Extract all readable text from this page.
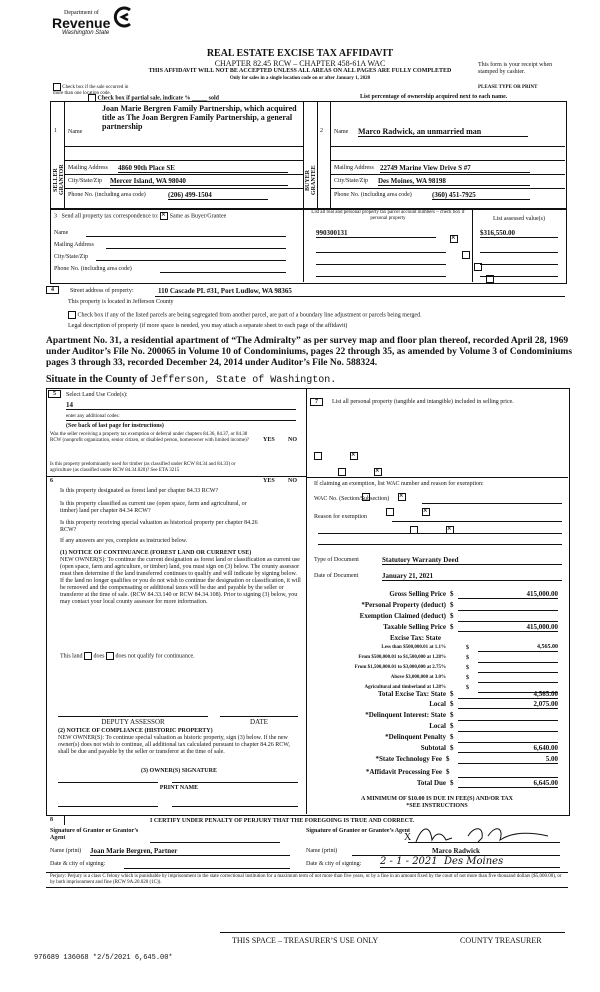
Department of
Revenue
Washington State
REAL ESTATE EXCISE TAX AFFIDAVIT
CHAPTER 82.45 RCW – CHAPTER 458-61A WAC
THIS AFFIDAVIT WILL NOT BE ACCEPTED UNLESS ALL AREAS ON ALL PAGES ARE FULLY COMPLETED
Only for sales in a single location code on or after January 1, 2020
This form is your receipt when stamped by cashier.
PLEASE TYPE OR PRINT
Check box if the sale occurred in more than one location code.
Check box if partial sale, indicate % _____ sold	List percentage of ownership acquired next to each name.
1
SELLER GRANTOR
Name
Joan Marie Bergren Family Partnership, which acquired title as The Joan Bergren Family Partnership, a general partnership
Mailing Address 4860 90th Place SE
City/State/Zip Mercer Island, WA 98040
Phone No. (including area code)	(206) 499-1504
2
BUYER GRANTEE
Name Marco Radwick, an unmarried man
Mailing Address 22749 Marine View Drive S #7
City/State/Zip Des Moines, WA 98198
Phone No. (including area code)	(360) 451-7925
3 Send all property tax correspondence to: × Same as Buyer/Grantee
Name
Mailing Address
City/State/Zip
Phone No. (including area code)
List all real and personal property tax parcel account numbers – check box if personal property	List assessed value(s)
990300131
×	$316,550.00

4	Street address of property:	110 Cascade PL #31, Port Ludlow, WA 98365
This property is located in Jefferson County
Check box if any of the listed parcels are being segregated from another parcel, are part of a boundary line adjustment or parcels being merged.
Legal description of property (if more space is needed, you may attach a separate sheet to each page of the affidavit)
Apartment No. 31, a residential apartment of “The Admiralty” as per survey map and floor plan thereof, recorded April 28, 1969 under Auditor’s File No. 200065 in Volume 10 of Condominiums, pages 22 through 35, as amended by Volume 3 of Condominiums pages 3 through 33, recorded December 24, 2014 under Auditor’s File No. 588324.
Situate in the County of Jefferson, State of Washington.
5	Select Land Use Code(s):
14
enter any additional codes:
(See back of last page for instructions)
YES NO
Was the seller receiving a property tax exemption or deferral under chapters 84.36, 84.37, or 84.38 RCW (nonprofit organization, senior citizen, or disabled person, homeowner with limited income)?
×
Is this property predominantly used for timber (as classified under RCW 84.34 and 84.33) or agriculture (as classified under RCW 84.34.020)? See ETA 3215
×
6	YES NO
Is this property designated as forest land per chapter 84.33 RCW?
×
Is this property classified as current use (open space, farm and agricultural, or timber) land per chapter 84.34 RCW?
×
Is this property receiving special valuation as historical property per chapter 84.26 RCW?
×
If any answers are yes, complete as instructed below.
(1) NOTICE OF CONTINUANCE (FOREST LAND OR CURRENT USE)
NEW OWNER(S): To continue the current designation as forest land or classification as current use (open space, farm and agriculture, or timber) land, you must sign on (3) below. The county assessor must then determine if the land transferred continues to qualify and will indicate by signing below. If the land no longer qualifies or you do not wish to continue the designation or classification, it will be removed and the compensating or additional taxes will be due and payable by the seller or transferor at the time of sale. (RCW 84.33.140 or RCW 84.34.108). Prior to signing (3) below, you may contact your local county assessor for more information.
This land does does not qualify for continuance.
DEPUTY ASSESSOR	DATE
(2) NOTICE OF COMPLIANCE (HISTORIC PROPERTY)
NEW OWNER(S): To continue special valuation as historic property, sign (3) below. If the new owner(s) does not wish to continue, all additional tax calculated pursuant to chapter 84.26 RCW, shall be due and payable by the seller or transferor at the time of sale.
(3) OWNER(S) SIGNATURE
PRINT NAME
7	List all personal property (tangible and intangible) included in selling price.
If claiming an exemption, list WAC number and reason for exemption:
WAC No. (Section/Subsection)
Reason for exemption
Type of Document	Statutory Warranty Deed
Date of Document	January 21, 2021
Gross Selling Price $	415,000.00
*Personal Property (deduct) $
Exemption Claimed (deduct) $
Taxable Selling Price $	415,000.00
Excise Tax: State
Less than $500,000.01 at 1.1%	$	4,565.00
From $500,000.01 to $1,500,000 at 1.28%	$
From $1,500,000.01 to $3,000,000 at 2.75%	$
Above $3,000,000 at 3.0%	$
Agricultural and timberland at 1.28%	$
Total Excise Tax: State $	4,565.00
Local $	2,075.00
*Delinquent Interest: State $
Local $
*Delinquent Penalty $
Subtotal $	6,640.00
*State Technology Fee $	5.00
*Affidavit Processing Fee $
Total Due $	6,645.00
A MINIMUM OF $10.00 IS DUE IN FEE(S) AND/OR TAX
*SEE INSTRUCTIONS
8	I CERTIFY UNDER PENALTY OF PERJURY THAT THE FOREGOING IS TRUE AND CORRECT.
Signature of Grantor or Grantor’s Agent
Signature of Grantee or Grantee’s Agent
X
Name (print) Joan Marie Bergren, Partner	Name (print)	Marco Radwick
Date & city of signing:	Date & city of signing: 2 - 1 - 2021  Des Moines
Perjury: Perjury is a class C felony which is punishable by imprisonment in the state correctional institution for a maximum term of not more than five years, or by a fine in an amount fixed by the court of not more than five thousand dollars ($5,000.00), or by both imprisonment and fine (RCW 9A.20.020 (1C)).
THIS SPACE – TREASURER’S USE ONLY	COUNTY TREASURER
976689 136068 *2/5/2021 6,645.00*
